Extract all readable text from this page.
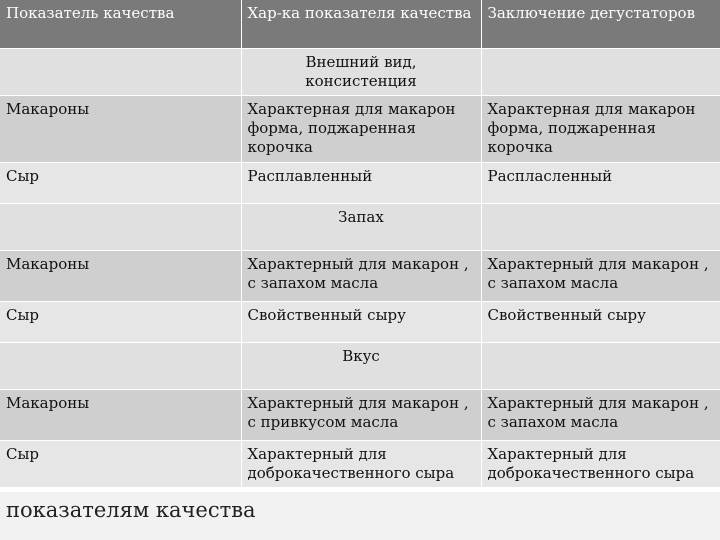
показателям качества
Показатель качества	Хар-ка показателя качества	Заключение дегустаторов
	Внешний вид, консистенция	
Макароны	Характерная для макарон форма, поджаренная корочка	Характерная для макарон форма, поджаренная корочка
Сыр	Расплавленный	Распласленный
	Запах	
Макароны	Характерный для макарон , с запахом масла	Характерный для макарон , с запахом масла
Сыр	Свойственный сыру	Свойственный сыру
	Вкус	
Макароны	Характерный для макарон , с привкусом масла	Характерный для макарон , с запахом масла
Сыр	Характерный для доброкачественного сыра	Характерный для доброкачественного сыра
